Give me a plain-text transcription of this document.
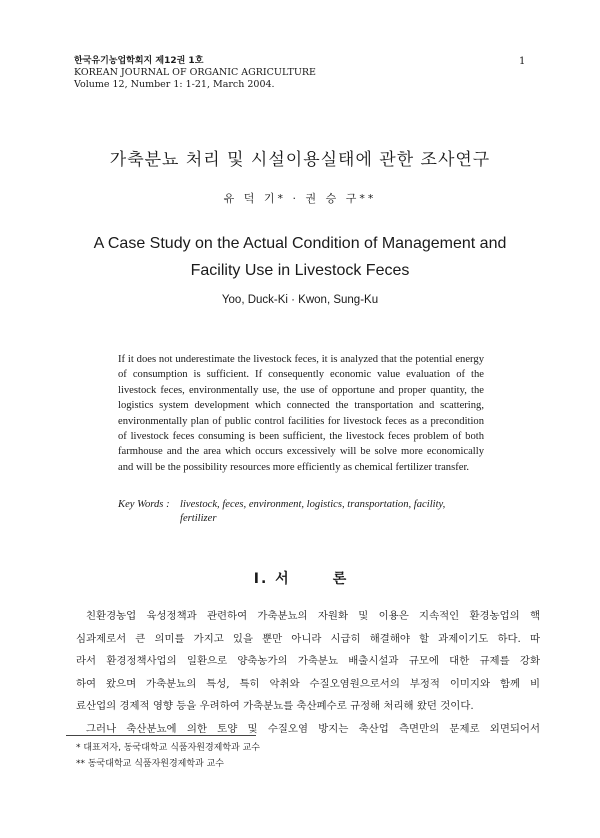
한국유기농업학회지 제12권 1호
KOREAN JOURNAL OF ORGANIC AGRICULTURE
Volume 12, Number 1: 1-21, March 2004.
1
가축분뇨 처리 및 시설이용실태에 관한 조사연구
유 덕 기* · 권 승 구**
A Case Study on the Actual Condition of Management and
Facility Use in Livestock Feces
Yoo, Duck-Ki · Kwon, Sung-Ku

If it does not underestimate the livestock feces, it is analyzed that the potential energy of consumption is sufficient. If consequently economic value evaluation of the livestock feces, environmentally use, the use of opportune and proper quantity, the logistics system development which connected the transportation and scattering, environmentally plan of public control facilities for livestock feces as a precondition of livestock feces consuming is been sufficient, the livestock feces problem of both farmhouse and the area which occurs excessively will be solve more economically and will be the possibility resources more efficiently as chemical fertilizer transfer.

Key Words : livestock, feces, environment, logistics, transportation, facility,
fertilizer
Ⅰ. 서	론
친환경농업 육성정책과 관련하여 가축분뇨의 자원화 및 이용은 지속적인 환경농업의 핵
심과제로서 큰 의미를 가지고 있을 뿐만 아니라 시급히 해결해야 할 과제이기도 하다. 따
라서 환경정책사업의 일환으로 양축농가의 가축분뇨 배출시설과 규모에 대한 규제를 강화
하여 왔으며 가축분뇨의 특성, 특히 악취와 수질오염원으로서의 부정적 이미지와 함께 비
료산업의 경제적 영향 등을 우려하여 가축분뇨를 축산폐수로 규정해 처리해 왔던 것이다.
그러나 축산분뇨에 의한 토양 및 수질오염 방지는 축산업 측면만의 문제로 외면되어서
* 대표저자, 동국대학교 식품자원경제학과 교수
** 동국대학교 식품자원경제학과 교수
